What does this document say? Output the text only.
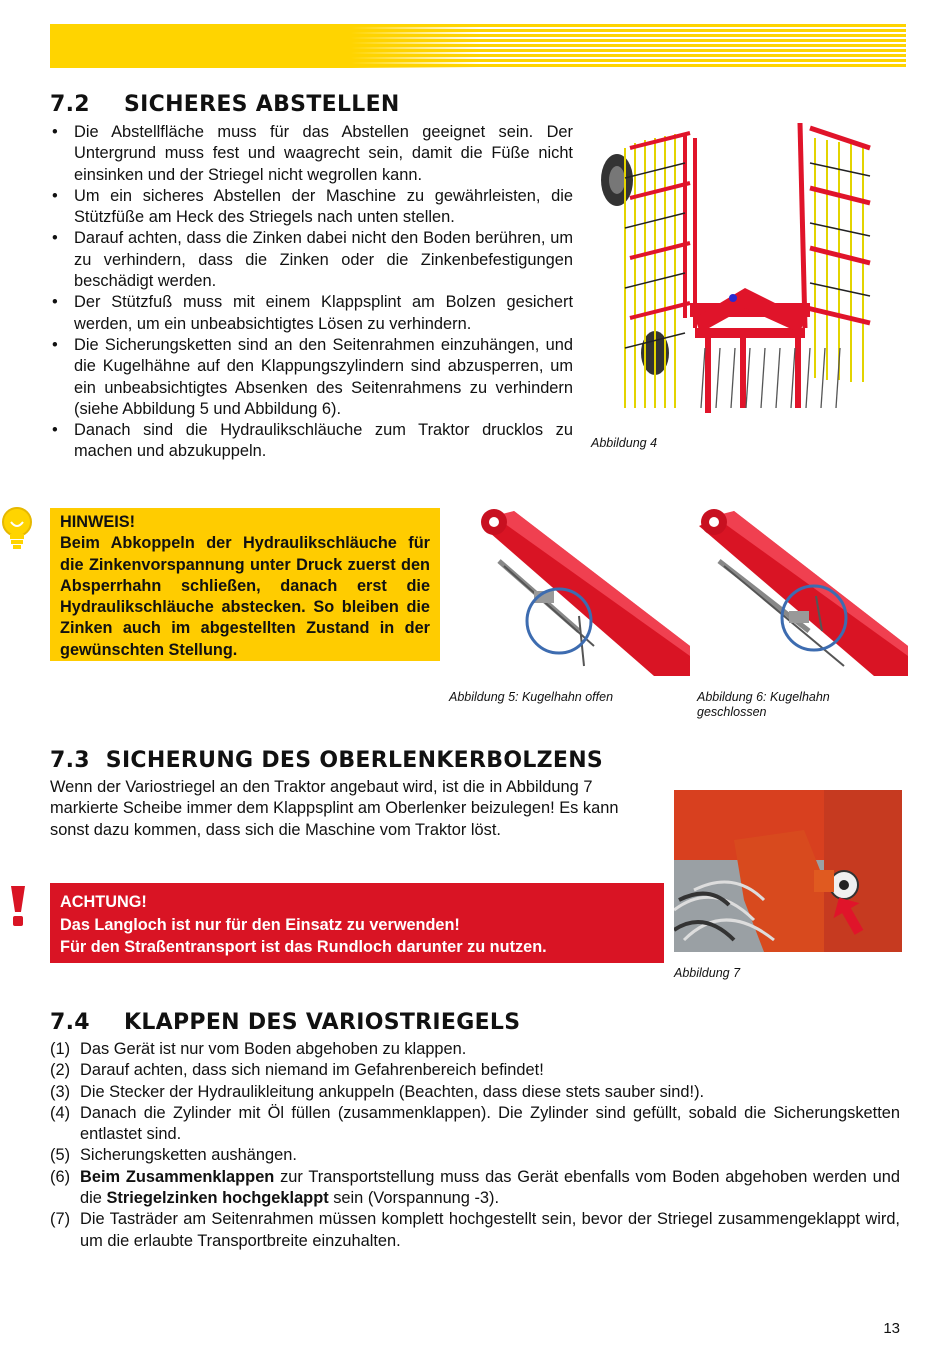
7.2 SICHERES ABSTELLEN
• Die Abstellfläche muss für das Abstellen geeignet sein. Der Untergrund muss fest und waagrecht sein, damit die Füße nicht einsinken und der Striegel nicht wegrollen kann.
• Um ein sicheres Abstellen der Maschine zu gewährleisten, die Stützfüße am Heck des Striegels nach unten stellen.
• Darauf achten, dass die Zinken dabei nicht den Boden berühren, um zu verhindern, dass die Zinken oder die Zinkenbefestigungen beschädigt werden.
• Der Stützfuß muss mit einem Klappsplint am Bolzen gesichert werden, um ein unbeabsichtigtes Lösen zu verhindern.
• Die Sicherungsketten sind an den Seitenrahmen einzuhängen, und die Kugelhähne auf den Klappungszylindern sind abzusperren, um ein unbeabsichtigtes Absenken des Seitenrahmens zu verhindern (siehe Abbildung 5 und Abbildung 6).
• Danach sind die Hydraulikschläuche zum Traktor drucklos zu machen und abzukuppeln.	Abbildung 4
HINWEIS!
Beim Abkoppeln der Hydraulikschläuche für die Zinkenvorspannung unter Druck zuerst den Absperrhahn schließen, danach erst die Hydraulikschläuche abstecken. So bleiben die Zinken auch im abgestellten Zustand in der gewünschten Stellung.
Abbildung 5: Kugelhahn offen	Abbildung 6: Kugelhahn geschlossen
7.3 SICHERUNG DES OBERLENKERBOLZENS
Wenn der Variostriegel an den Traktor angebaut wird, ist die in Abbildung 7 markierte Scheibe immer dem Klappsplint am Oberlenker beizulegen! Es kann sonst dazu kommen, dass sich die Maschine vom Traktor löst.
Abbildung 7
ACHTUNG!
Das Langloch ist nur für den Einsatz zu verwenden!
Für den Straßentransport ist das Rundloch darunter zu nutzen.
7.4 KLAPPEN DES VARIOSTRIEGELS
(1) Das Gerät ist nur vom Boden abgehoben zu klappen.
(2) Darauf achten, dass sich niemand im Gefahrenbereich befindet!
(3) Die Stecker der Hydraulikleitung ankuppeln (Beachten, dass diese stets sauber sind!).
(4) Danach die Zylinder mit Öl füllen (zusammenklappen). Die Zylinder sind gefüllt, sobald die Sicherungsketten entlastet sind.
(5) Sicherungsketten aushängen.
(6) Beim Zusammenklappen zur Transportstellung muss das Gerät ebenfalls vom Boden abgehoben werden und die Striegelzinken hochgeklappt sein (Vorspannung -3).
(7) Die Tasträder am Seitenrahmen müssen komplett hochgestellt sein, bevor der Striegel zusammengeklappt wird, um die erlaubte Transportbreite einzuhalten.
13
